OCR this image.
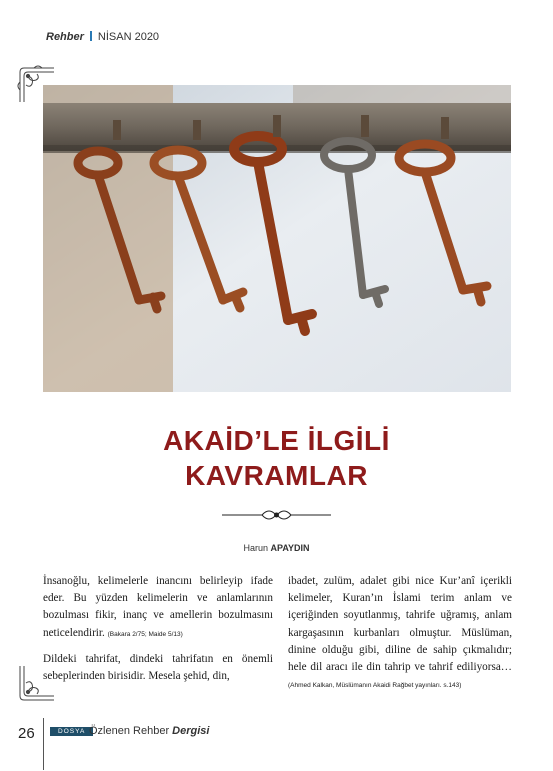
Rehber NİSAN 2020
AKAİD’LE İLGİLİ
KAVRAMLAR
Harun APAYDIN

İnsanoğlu, kelimelerle inancını belirleyip ifade eder. Bu yüzden kelimelerin ve anlamlarının bozulması fikir, inanç ve amellerin bozulmasını neticelendirir. (Bakara 2/75; Maide 5/13)

Dildeki tahrifat, dindeki tahrifatın en önemli sebeplerinden birisidir. Mesela şehid, din,

ibadet, zulüm, adalet gibi nice Kur’anî içerikli kelimeler, Kuran’ın İslami terim anlam ve içeriğinden soyutlanmış, tahrife uğramış, anlam kargaşasının kurbanları olmuştur. Müslüman, dinine olduğu gibi, diline de sahip çıkmalıdır; hele dil aracı ile din tahrip ve tahrif ediliyorsa… (Ahmed Kalkan, Müslümanın Akaidi Rağbet yayınları. s.143)

26	DOSYA Özlenen Rehber Dergisi
